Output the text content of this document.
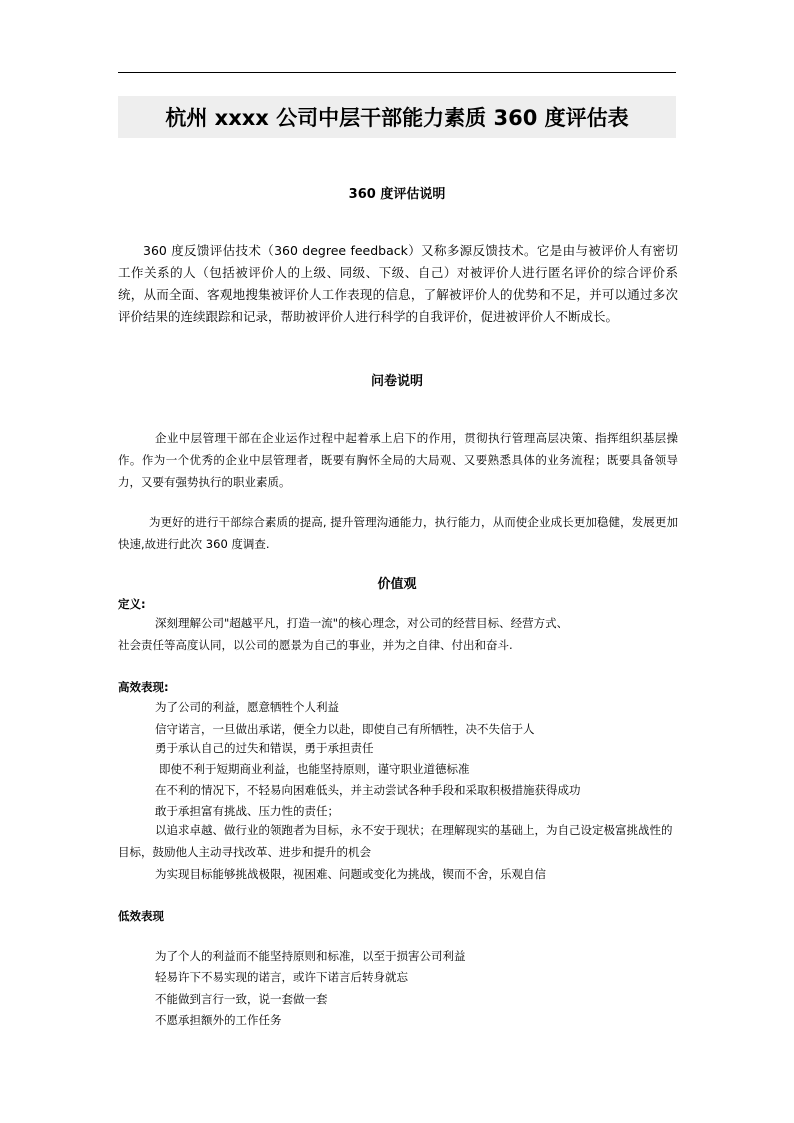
杭州 xxxx 公司中层干部能力素质 360 度评估表
360 度评估说明

360 度反馈评估技术（360 degree feedback）又称多源反馈技术。它是由与被评价人有密切工作关系的人（包括被评价人的上级、同级、下级、自己）对被评价人进行匿名评价的综合评价系统，从而全面、客观地搜集被评价人工作表现的信息，了解被评价人的优势和不足，并可以通过多次评价结果的连续跟踪和记录，帮助被评价人进行科学的自我评价，促进被评价人不断成长。

问卷说明

企业中层管理干部在企业运作过程中起着承上启下的作用，贯彻执行管理高层决策、指挥组织基层操作。作为一个优秀的企业中层管理者，既要有胸怀全局的大局观、又要熟悉具体的业务流程；既要具备领导力，又要有强势执行的职业素质。

为更好的进行干部综合素质的提高, 提升管理沟通能力，执行能力，从而使企业成长更加稳健，发展更加快速,故进行此次 360 度调查.

价值观
定义:
深刻理解公司"超越平凡，打造一流"的核心理念，对公司的经营目标、经营方式、
社会责任等高度认同，以公司的愿景为自己的事业，并为之自律、付出和奋斗.
高效表现:
为了公司的利益，愿意牺牲个人利益
信守诺言，一旦做出承诺，便全力以赴，即使自己有所牺牲，决不失信于人
勇于承认自己的过失和错误，勇于承担责任
即使不利于短期商业利益，也能坚持原则，谨守职业道德标准
在不利的情况下，不轻易向困难低头，并主动尝试各种手段和采取积极措施获得成功
敢于承担富有挑战、压力性的责任；

以追求卓越、做行业的领跑者为目标，永不安于现状；在理解现实的基础上，为自己设定极富挑战性的目标，鼓励他人主动寻找改革、进步和提升的机会

为实现目标能够挑战极限，视困难、问题或变化为挑战，锲而不舍，乐观自信
低效表现
为了个人的利益而不能坚持原则和标准，以至于损害公司利益
轻易许下不易实现的诺言，或许下诺言后转身就忘
不能做到言行一致，说一套做一套
不愿承担额外的工作任务
